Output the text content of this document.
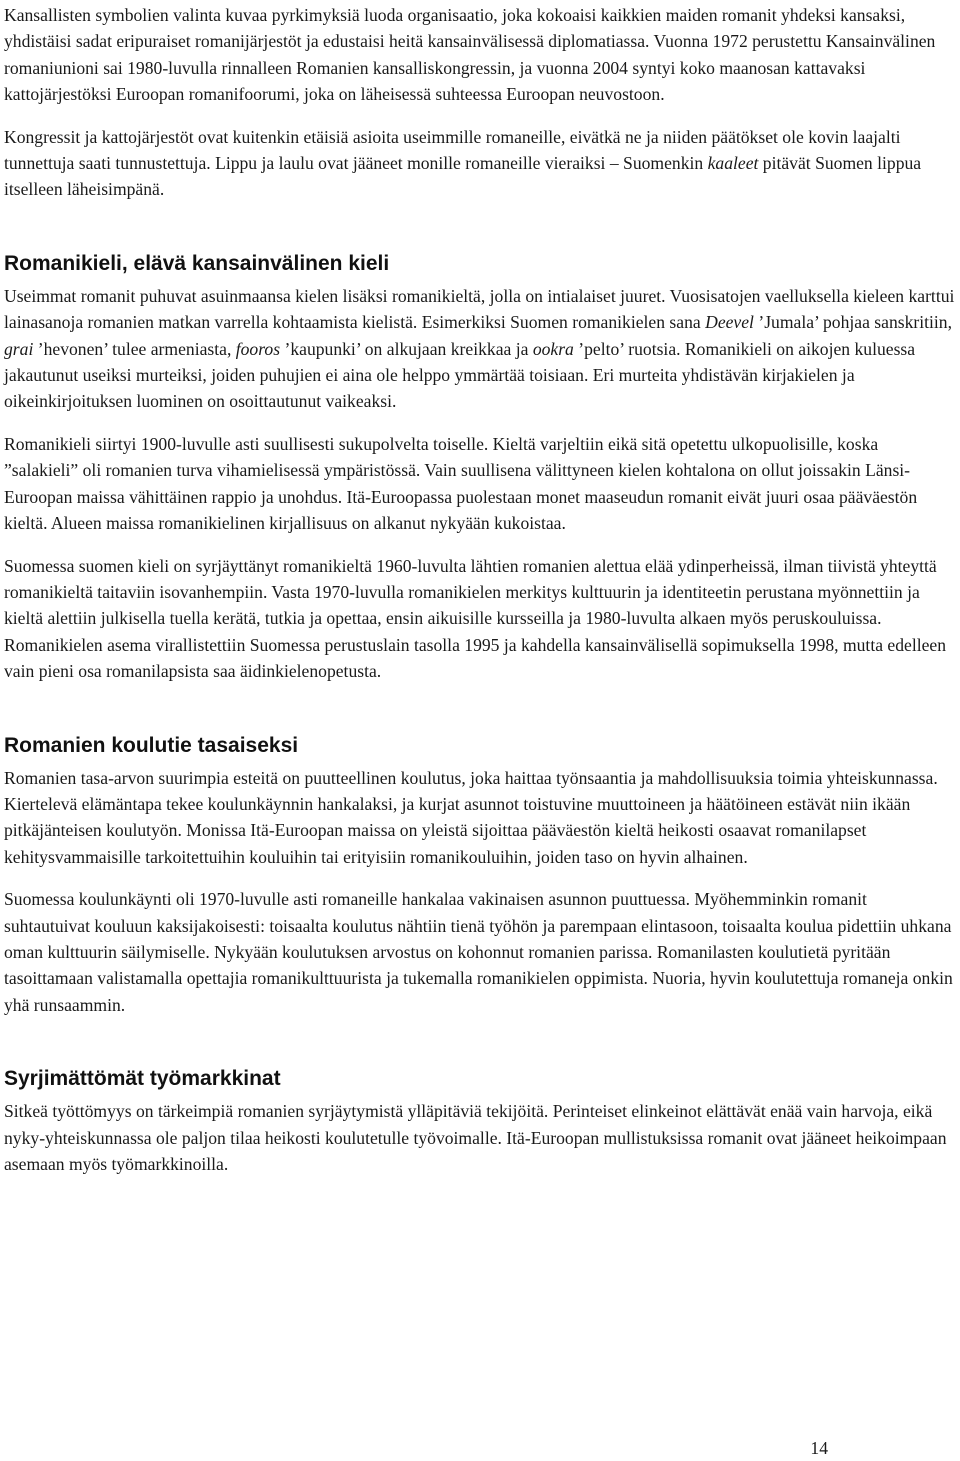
Kansallisten symbolien valinta kuvaa pyrkimyksiä luoda organisaatio, joka kokoaisi kaikkien maiden romanit yhdeksi kansaksi, yhdistäisi sadat eripuraiset romanijärjestöt ja edustaisi heitä kansainvälisessä diplomatiassa. Vuonna 1972 perustettu Kansainvälinen romaniunioni sai 1980-luvulla rinnalleen Romanien kansalliskongressin, ja vuonna 2004 syntyi koko maanosan kattavaksi kattojärjestöksi Euroopan romanifoorumi, joka on läheisessä suhteessa Euroopan neuvostoon.

Kongressit ja kattojärjestöt ovat kuitenkin etäisiä asioita useimmille romaneille, eivätkä ne ja niiden päätökset ole kovin laajalti tunnettuja saati tunnustettuja. Lippu ja laulu ovat jääneet monille romaneille vieraiksi – Suomenkin kaaleet pitävät Suomen lippua itselleen läheisimpänä.

Romanikieli, elävä kansainvälinen kieli

Useimmat romanit puhuvat asuinmaansa kielen lisäksi romanikieltä, jolla on intialaiset juuret. Vuosisatojen vaelluksella kieleen karttui lainasanoja romanien matkan varrella kohtaamista kielistä. Esimerkiksi Suomen romanikielen sana Deevel ’Jumala’ pohjaa sanskritiin, grai ’hevonen’ tulee armeniasta, fooros ’kaupunki’ on alkujaan kreikkaa ja ookra ’pelto’ ruotsia. Romanikieli on aikojen kuluessa jakautunut useiksi murteiksi, joiden puhujien ei aina ole helppo ymmärtää toisiaan. Eri murteita yhdistävän kirjakielen ja oikeinkirjoituksen luominen on osoittautunut vaikeaksi.

Romanikieli siirtyi 1900-luvulle asti suullisesti sukupolvelta toiselle. Kieltä varjeltiin eikä sitä opetettu ulkopuolisille, koska ”salakieli” oli romanien turva vihamielisessä ympäristössä. Vain suullisena välittyneen kielen kohtalona on ollut joissakin Länsi-Euroopan maissa vähittäinen rappio ja unohdus. Itä-Euroopassa puolestaan monet maaseudun romanit eivät juuri osaa pääväestön kieltä. Alueen maissa romanikielinen kirjallisuus on alkanut nykyään kukoistaa.

Suomessa suomen kieli on syrjäyttänyt romanikieltä 1960-luvulta lähtien romanien alettua elää ydinperheissä, ilman tiivistä yhteyttä romanikieltä taitaviin isovanhempiin. Vasta 1970-luvulla romanikielen merkitys kulttuurin ja identiteetin perustana myönnettiin ja kieltä alettiin julkisella tuella kerätä, tutkia ja opettaa, ensin aikuisille kursseilla ja 1980-luvulta alkaen myös peruskouluissa. Romanikielen asema virallistettiin Suomessa perustuslain tasolla 1995 ja kahdella kansainvälisellä sopimuksella 1998, mutta edelleen vain pieni osa romanilapsista saa äidinkielenopetusta.

Romanien koulutie tasaiseksi

Romanien tasa-arvon suurimpia esteitä on puutteellinen koulutus, joka haittaa työnsaantia ja mahdollisuuksia toimia yhteiskunnassa. Kiertelevä elämäntapa tekee koulunkäynnin hankalaksi, ja kurjat asunnot toistuvine muuttoineen ja häätöineen estävät niin ikään pitkäjänteisen koulutyön. Monissa Itä-Euroopan maissa on yleistä sijoittaa pääväestön kieltä heikosti osaavat romanilapset kehitysvammaisille tarkoitettuihin kouluihin tai erityisiin romanikouluihin, joiden taso on hyvin alhainen.

Suomessa koulunkäynti oli 1970-luvulle asti romaneille hankalaa vakinaisen asunnon puuttuessa. Myöhemminkin romanit suhtautuivat kouluun kaksijakoisesti: toisaalta koulutus nähtiin tienä työhön ja parempaan elintasoon, toisaalta koulua pidettiin uhkana oman kulttuurin säilymiselle. Nykyään koulutuksen arvostus on kohonnut romanien parissa. Romanilasten koulutietä pyritään tasoittamaan valistamalla opettajia romanikulttuurista ja tukemalla romanikielen oppimista. Nuoria, hyvin koulutettuja romaneja onkin yhä runsaammin.

Syrjimättömät työmarkkinat

Sitkeä työttömyys on tärkeimpiä romanien syrjäytymistä ylläpitäviä tekijöitä. Perinteiset elinkeinot elättävät enää vain harvoja, eikä nyky-yhteiskunnassa ole paljon tilaa heikosti koulutetulle työvoimalle. Itä-Euroopan mullistuksissa romanit ovat jääneet heikoimpaan asemaan myös työmarkkinoilla.

14
